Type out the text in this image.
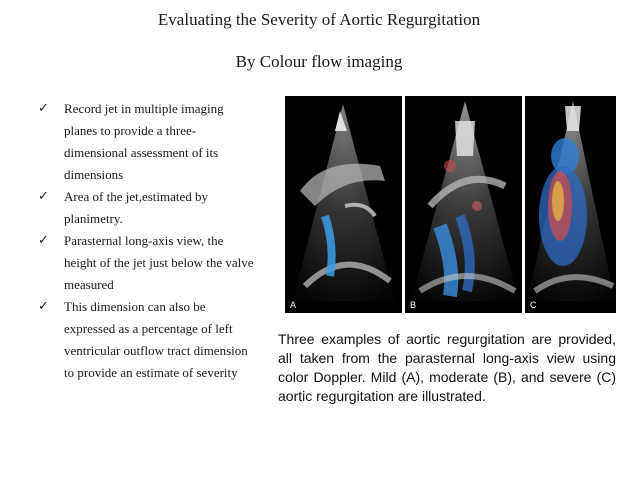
Evaluating the Severity of Aortic Regurgitation
By Colour flow imaging
✓ Record jet in multiple imaging planes to provide a three-dimensional assessment of its dimensions
✓ Area of the jet,estimated by planimetry.
✓ Parasternal long-axis view, the height of the jet just below the valve measured
✓ This dimension can also be expressed as a percentage of left ventricular outflow tract dimension to provide an estimate of severity
A	B	C
Three examples of aortic regurgitation are provided, all taken from the parasternal long-axis view using color Doppler. Mild (A), moderate (B), and severe (C) aortic regurgitation are illustrated.
